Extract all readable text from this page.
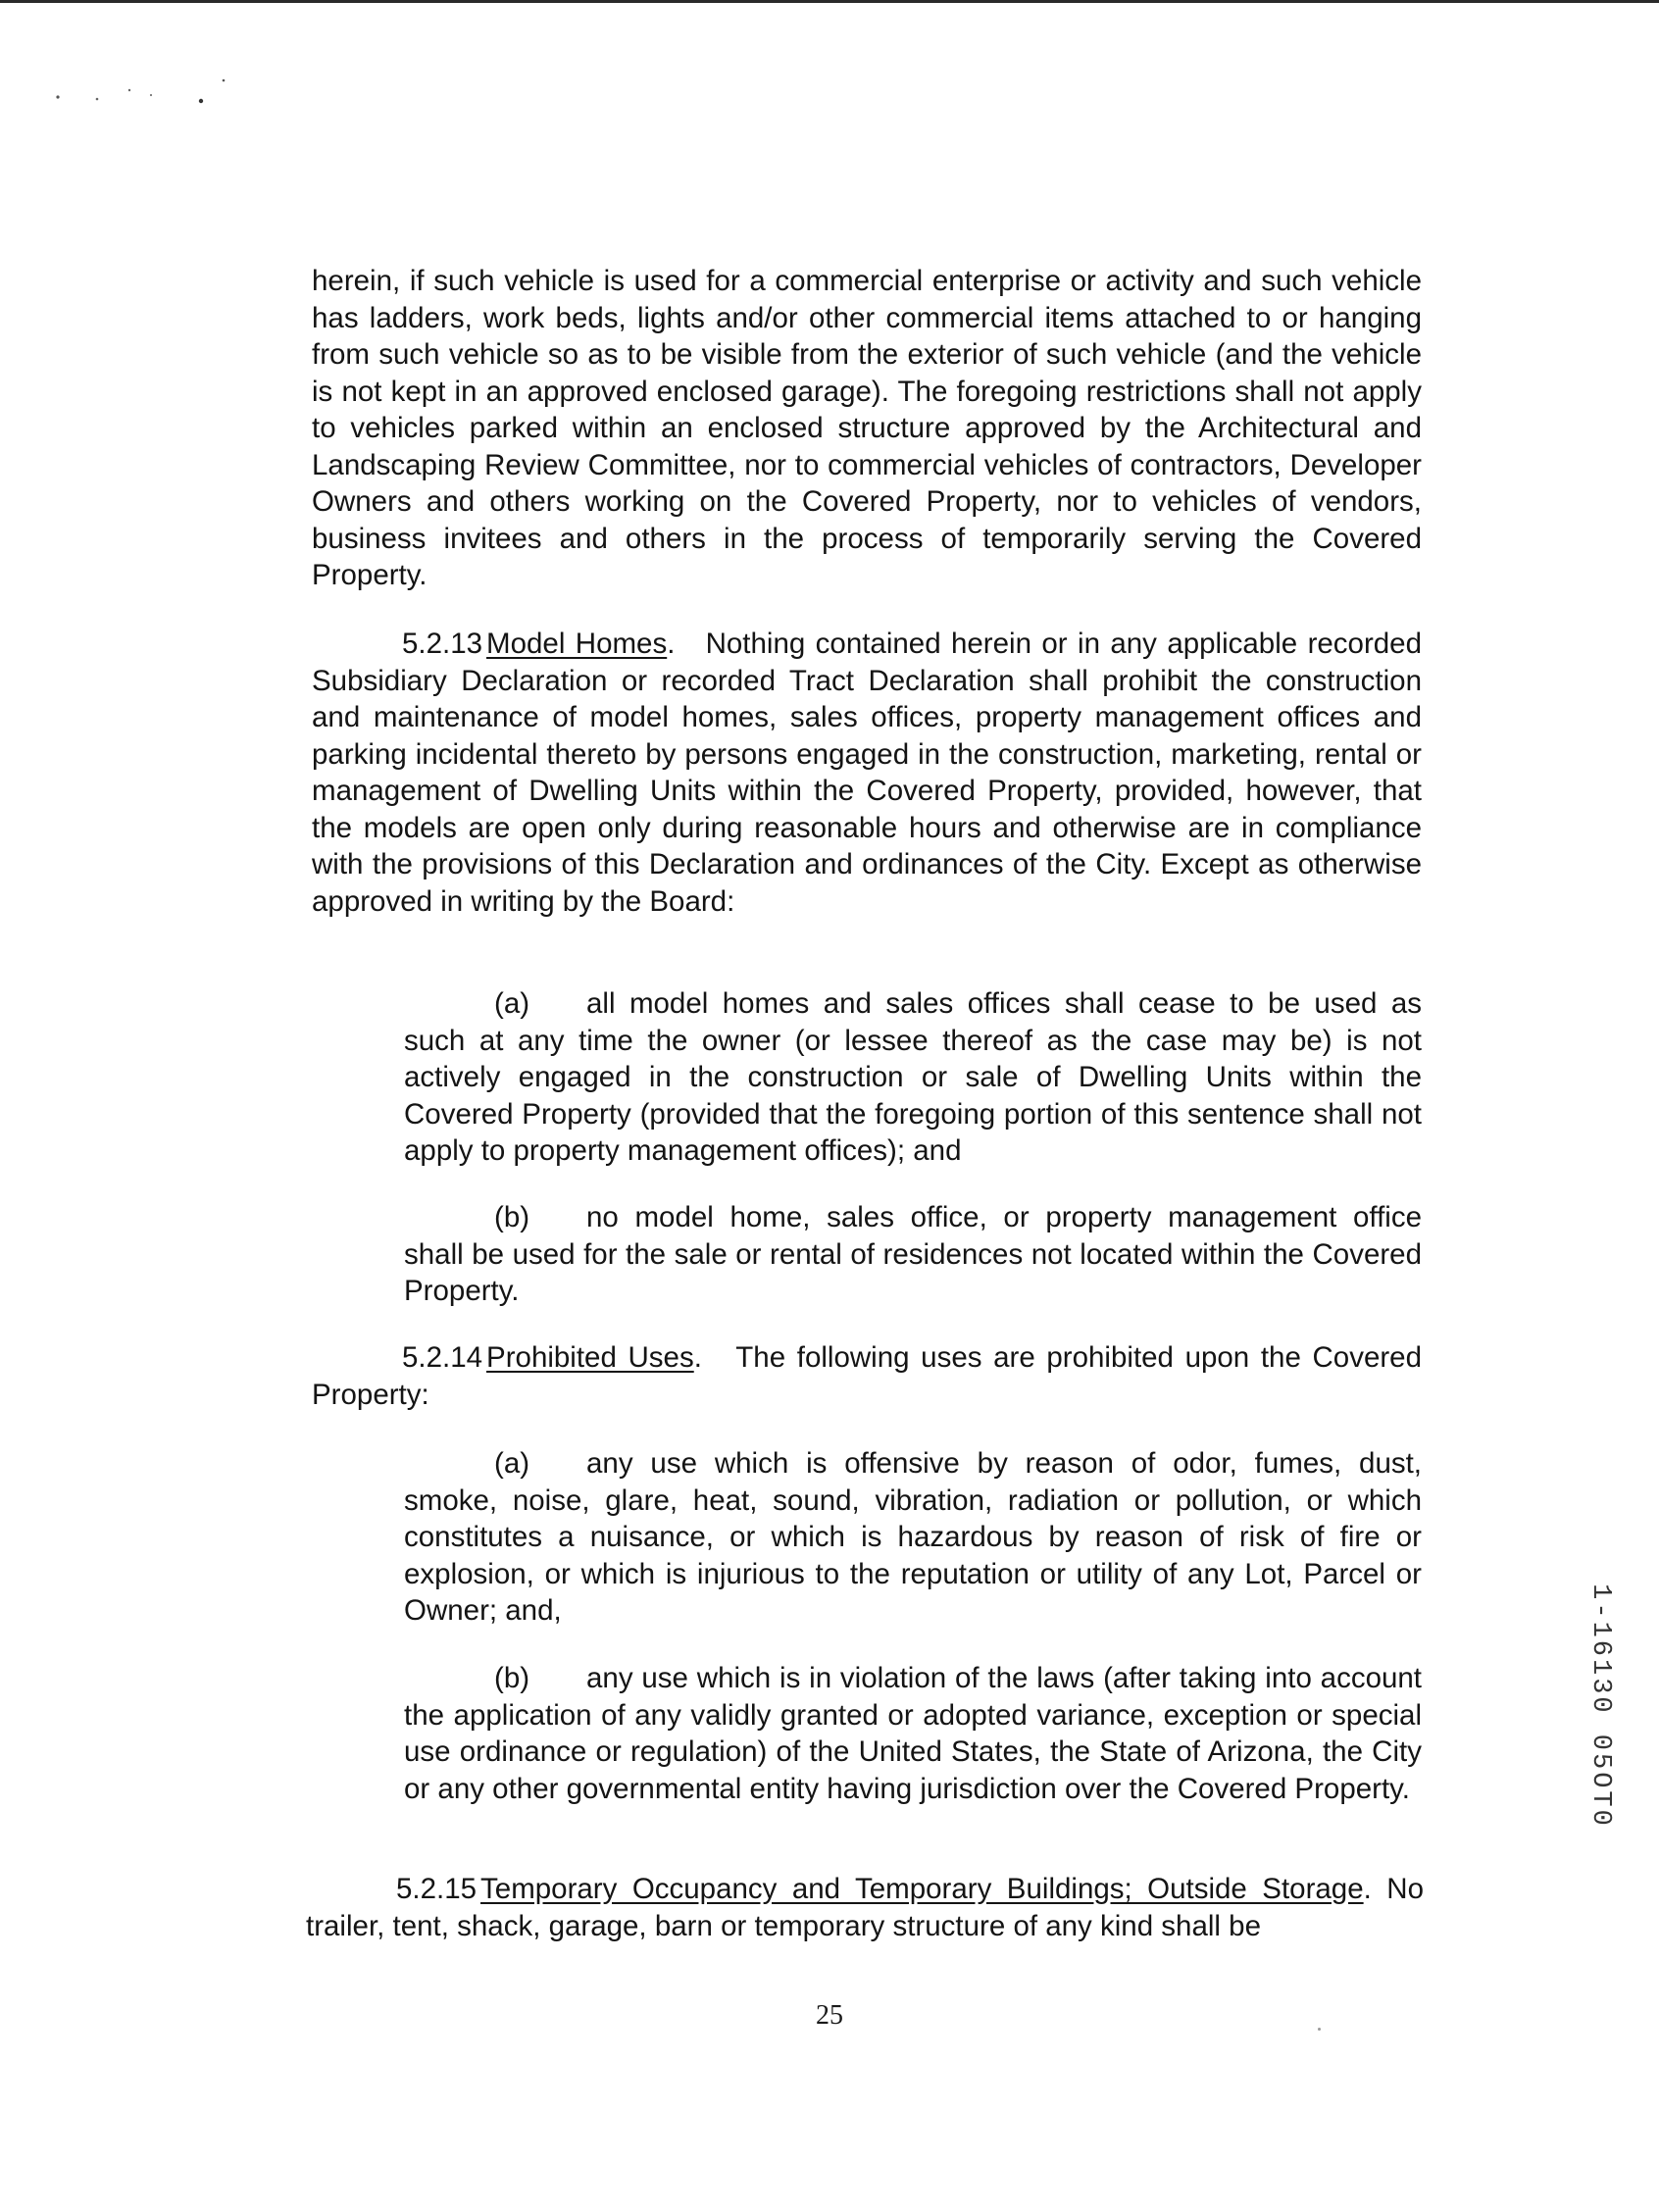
herein, if such vehicle is used for a commercial enterprise or activity and such vehicle has ladders, work beds, lights and/or other commercial items attached to or hanging from such vehicle so as to be visible from the exterior of such vehicle (and the vehicle is not kept in an approved enclosed garage). The foregoing restrictions shall not apply to vehicles parked within an enclosed structure approved by the Architectural and Landscaping Review Committee, nor to commercial vehicles of contractors, Developer Owners and others working on the Covered Property, nor to vehicles of vendors, business invitees and others in the process of temporarily serving the Covered Property.

5.2.13 Model Homes.   Nothing contained herein or in any applicable recorded Subsidiary Declaration or recorded Tract Declaration shall prohibit the construction and maintenance of model homes, sales offices, property management offices and parking incidental thereto by persons engaged in the construction, marketing, rental or management of Dwelling Units within the Covered Property, provided, however, that the models are open only during reasonable hours and otherwise are in compliance with the provisions of this Declaration and ordinances of the City. Except as otherwise approved in writing by the Board:

(a) all model homes and sales offices shall cease to be used as such at any time the owner (or lessee thereof as the case may be) is not actively engaged in the construction or sale of Dwelling Units within the Covered Property (provided that the foregoing portion of this sentence shall not apply to property management offices); and

(b) no model home, sales office, or property management office shall be used for the sale or rental of residences not located within the Covered Property.

5.2.14 Prohibited Uses.   The following uses are prohibited upon the Covered Property:

(a) any use which is offensive by reason of odor, fumes, dust, smoke, noise, glare, heat, sound, vibration, radiation or pollution, or which constitutes a nuisance, or which is hazardous by reason of risk of fire or explosion, or which is injurious to the reputation or utility of any Lot, Parcel or Owner; and,

(b) any use which is in violation of the laws (after taking into account the application of any validly granted or adopted variance, exception or special use ordinance or regulation) of the United States, the State of Arizona, the City or any other governmental entity having jurisdiction over the Covered Property.

5.2.15 Temporary Occupancy and Temporary Buildings; Outside Storage. No trailer, tent, shack, garage, barn or temporary structure of any kind shall be

25
1-16130 05OT0
